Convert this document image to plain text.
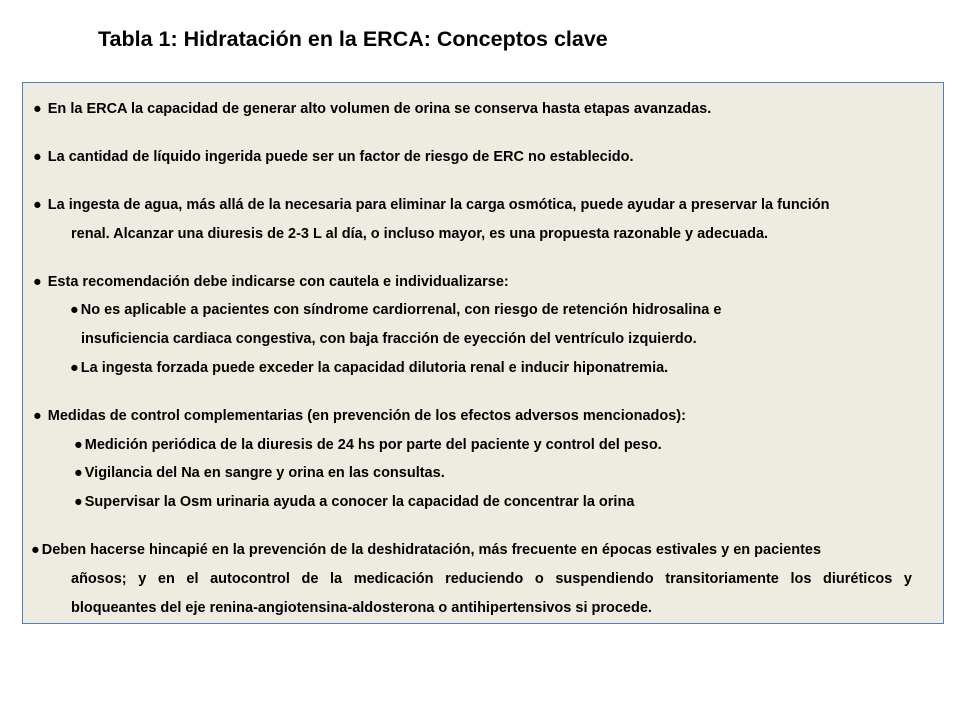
Tabla 1: Hidratación en la ERCA: Conceptos clave
● En la ERCA la capacidad de generar alto volumen de orina se conserva hasta etapas avanzadas.
● La cantidad de líquido ingerida puede ser un factor de riesgo de ERC no establecido.
● La ingesta de agua, más allá de la necesaria para eliminar la carga osmótica, puede ayudar a preservar la función
renal. Alcanzar una diuresis de 2-3 L al día, o incluso mayor, es una propuesta razonable y adecuada.
● Esta recomendación debe indicarse con cautela e individualizarse:
● No es aplicable a pacientes con síndrome cardiorrenal, con riesgo de retención hidrosalina e
insuficiencia cardiaca congestiva, con baja fracción de eyección del ventrículo izquierdo.
● La ingesta forzada puede exceder la capacidad dilutoria renal e inducir hiponatremia.
● Medidas de control complementarias (en prevención de los efectos adversos mencionados):
● Medición periódica de la diuresis de 24 hs por parte del paciente y control del peso.
● Vigilancia del Na en sangre y orina en las consultas.
● Supervisar la Osm urinaria ayuda a conocer la capacidad de concentrar la orina
● Deben hacerse hincapié en la prevención de la deshidratación, más frecuente en épocas estivales y en pacientes
añosos; y en el autocontrol de la medicación reduciendo o suspendiendo transitoriamente los diuréticos y
bloqueantes del eje renina-angiotensina-aldosterona o antihipertensivos si procede.
